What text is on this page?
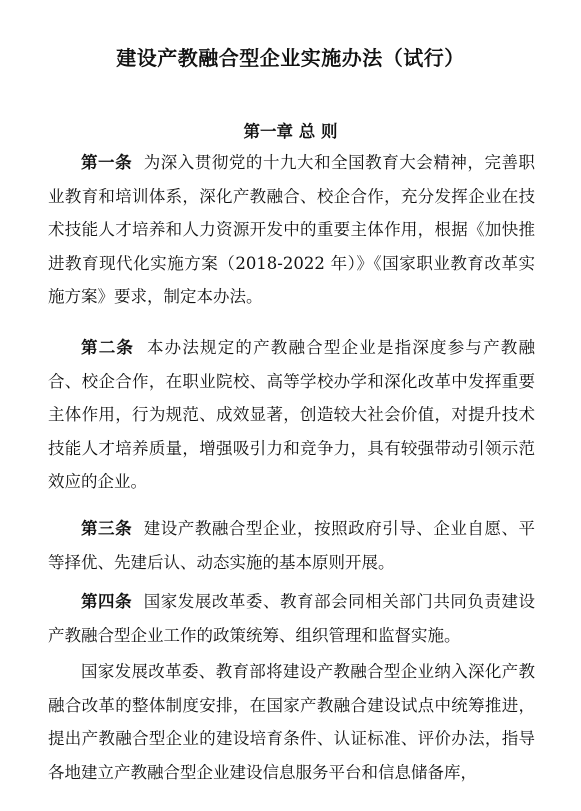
建设产教融合型企业实施办法（试行）
第一章 总 则

第一条 为深入贯彻党的十九大和全国教育大会精神，完善职业教育和培训体系，深化产教融合、校企合作，充分发挥企业在技术技能人才培养和人力资源开发中的重要主体作用，根据《加快推进教育现代化实施方案（2018-2022 年）》《国家职业教育改革实施方案》要求，制定本办法。

第二条 本办法规定的产教融合型企业是指深度参与产教融合、校企合作，在职业院校、高等学校办学和深化改革中发挥重要主体作用，行为规范、成效显著，创造较大社会价值，对提升技术技能人才培养质量，增强吸引力和竞争力，具有较强带动引领示范效应的企业。

第三条 建设产教融合型企业，按照政府引导、企业自愿、平等择优、先建后认、动态实施的基本原则开展。

第四条 国家发展改革委、教育部会同相关部门共同负责建设产教融合型企业工作的政策统筹、组织管理和监督实施。

国家发展改革委、教育部将建设产教融合型企业纳入深化产教融合改革的整体制度安排，在国家产教融合建设试点中统筹推进，提出产教融合型企业的建设培育条件、认证标准、评价办法，指导各地建立产教融合型企业建设信息服务平台和信息储备库，
